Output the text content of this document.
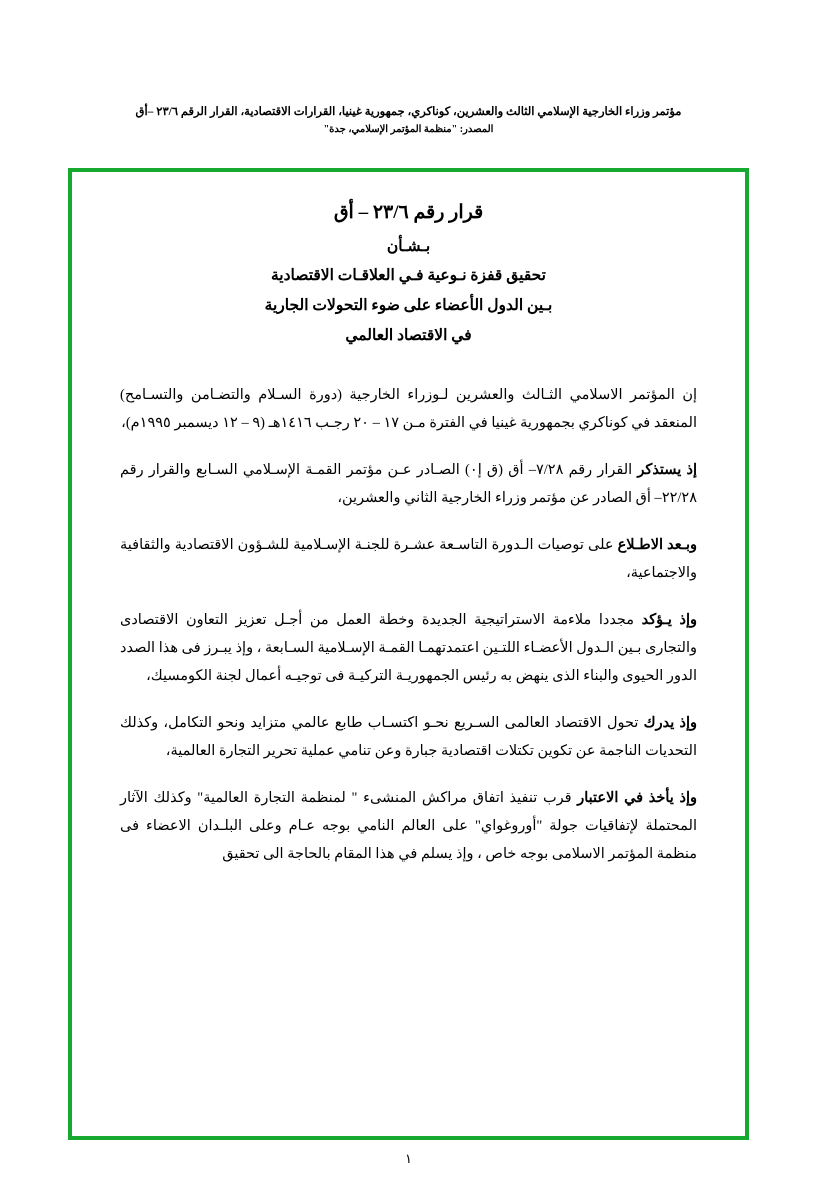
مؤتمر وزراء الخارجية الإسلامي الثالث والعشرين، كوناكري، جمهورية غينيا، القرارات الاقتصادية، القرار الرقم ٢٣/٦ –أق
المصدر: "منظمة المؤتمر الإسلامي، جدة"
قرار رقم ٢٣/٦ – أق
بـشـأن
تحقيق قفزة نـوعية فـي العلاقـات الاقتصادية
بـين الدول الأعضاء على ضوء التحولات الجارية
في الاقتصاد العالمي

إن المؤتمر الاسلامي الثـالث والعشرين لـوزراء الخارجية (دورة السـلام والتضـامن والتسـامح) المنعقد في كوناكري بجمهورية غينيا في الفترة مـن ١٧ – ٢٠ رجـب ١٤١٦هـ (٩ – ١٢ ديسمبر ١٩٩٥م)،

إذ يستذكر القرار رقم ٧/٢٨– أق (ق إ٠) الصـادر عـن مؤتمر القمـة الإسـلامي السـابع والقرار رقم ٢٢/٢٨– أق الصادر عن مؤتمر وزراء الخارجية الثاني والعشرين،

وبـعد الاطـلاع على توصيات الـدورة التاسـعة عشـرة للجنـة الإسـلامية للشـؤون الاقتصادية والثقافية والاجتماعية،

وإذ يـؤكد مجددا ملاءمة الاستراتيجية الجديدة وخطة العمل من أجـل تعزيز التعاون الاقتصادى والتجارى بـين الـدول الأعضـاء اللتـين اعتمدتهمـا القمـة الإسـلامية السـابعة ، وإذ يبـرز فى هذا الصدد الدور الحيوى والبناء الذى ينهض به رئيس الجمهوريـة التركيـة فى توجيـه أعمال لجنة الكومسيك،

وإذ يدرك تحول الاقتصاد العالمى السـريع نحـو اكتسـاب طابع عالمي متزايد ونحو التكامل، وكذلك التحديات الناجمة عن تكوين تكتلات اقتصادية جبارة وعن تنامي عملية تحرير التجارة العالمية،

وإذ يأخذ في الاعتبار قرب تنفيذ اتفاق مراكش المنشىء " لمنظمة التجارة العالمية" وكذلك الآثار المحتملة لإتفاقيات جولة "أوروغواي" على العالم النامي بوجه عـام وعلى البلـدان الاعضاء فى منظمة المؤتمر الاسلامى بوجه خاص ، وإذ يسلم في هذا المقام بالحاجة الى تحقيق

١
